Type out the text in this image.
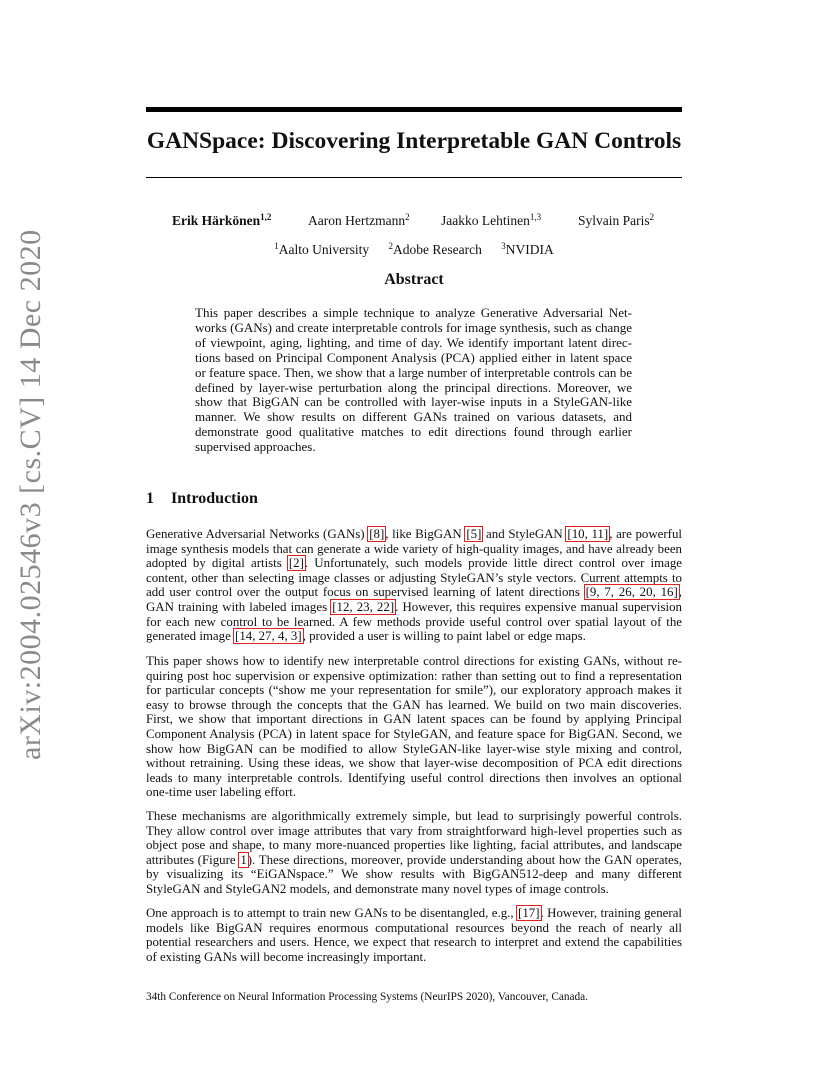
arXiv:2004.02546v3 [cs.CV] 14 Dec 2020
GANSpace: Discovering Interpretable GAN Controls
Erik Härkönen$^{1,2}$	Aaron Hertzmann$^2$ Jaakko Lehtinen$^{1,3}$	Sylvain Paris$^2$
$^1$Aalto University $^2$Adobe Research $^3$NVIDIA
Abstract
This paper describes a simple technique to analyze Generative Adversarial Networks (GANs) and create interpretable controls for image synthesis, such as change of viewpoint, aging, lighting, and time of day. We identify important latent directions based on Principal Component Analysis (PCA) applied either in latent space or feature space. Then, we show that a large number of interpretable controls can be defined by layer-wise perturbation along the principal directions. Moreover, we show that BigGAN can be controlled with layer-wise inputs in a StyleGAN-like manner. We show results on different GANs trained on various datasets, and demonstrate good qualitative matches to edit directions found through earlier supervised approaches.
1 Introduction
Generative Adversarial Networks (GANs) [8], like BigGAN [5] and StyleGAN [10, 11], are powerful image synthesis models that can generate a wide variety of high-quality images, and have already been adopted by digital artists [2]. Unfortunately, such models provide little direct control over image content, other than selecting image classes or adjusting StyleGAN’s style vectors. Current attempts to add user control over the output focus on supervised learning of latent directions [9, 7, 26, 20, 16], GAN training with labeled images [12, 23, 22]. However, this requires expensive manual supervision for each new control to be learned. A few methods provide useful control over spatial layout of the generated image [14, 27, 4, 3], provided a user is willing to paint label or edge maps.
This paper shows how to identify new interpretable control directions for existing GANs, without requiring post hoc supervision or expensive optimization: rather than setting out to find a representation for particular concepts (“show me your representation for smile”), our exploratory approach makes it easy to browse through the concepts that the GAN has learned. We build on two main discoveries. First, we show that important directions in GAN latent spaces can be found by applying Principal Component Analysis (PCA) in latent space for StyleGAN, and feature space for BigGAN. Second, we show how BigGAN can be modified to allow StyleGAN-like layer-wise style mixing and control, without retraining. Using these ideas, we show that layer-wise decomposition of PCA edit directions leads to many interpretable controls. Identifying useful control directions then involves an optional one-time user labeling effort.
These mechanisms are algorithmically extremely simple, but lead to surprisingly powerful controls. They allow control over image attributes that vary from straightforward high-level properties such as object pose and shape, to many more-nuanced properties like lighting, facial attributes, and landscape attributes (Figure 1). These directions, moreover, provide understanding about how the GAN operates, by visualizing its “EiGANspace.” We show results with BigGAN512-deep and many different StyleGAN and StyleGAN2 models, and demonstrate many novel types of image controls.
One approach is to attempt to train new GANs to be disentangled, e.g., [17]. However, training general models like BigGAN requires enormous computational resources beyond the reach of nearly all potential researchers and users. Hence, we expect that research to interpret and extend the capabilities of existing GANs will become increasingly important.
34th Conference on Neural Information Processing Systems (NeurIPS 2020), Vancouver, Canada.
